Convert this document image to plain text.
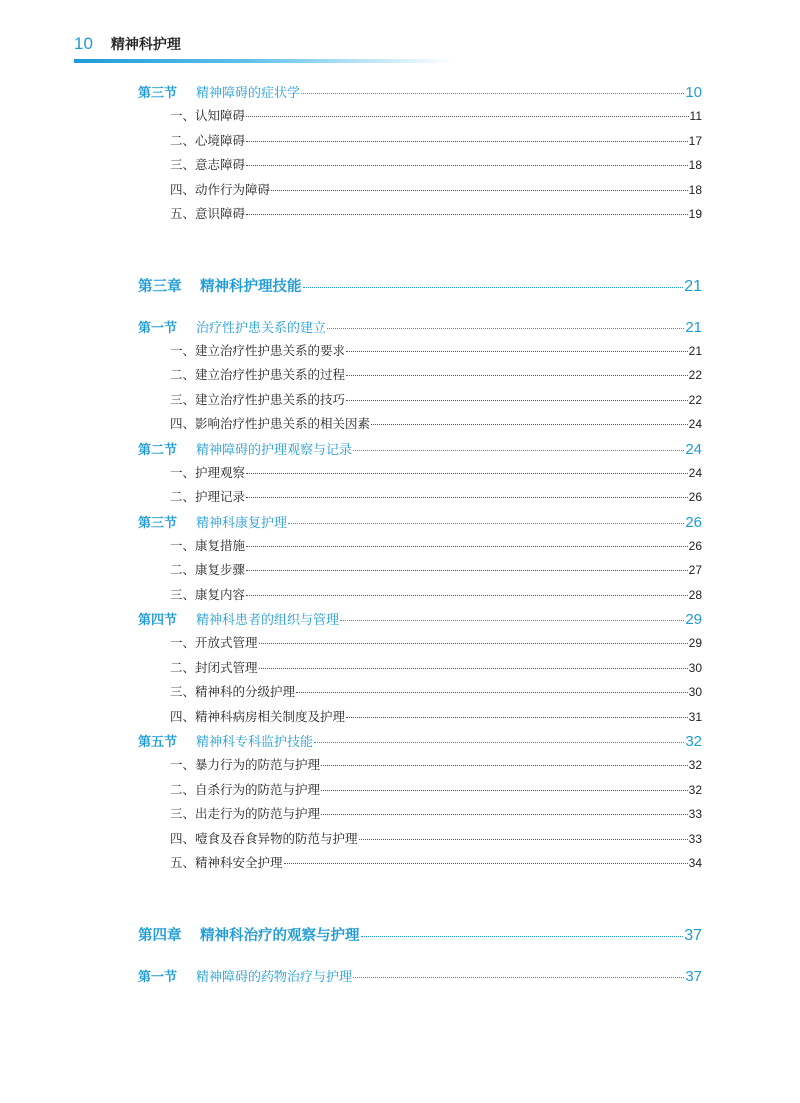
10 精神科护理
第三节 精神障碍的症状学	10
一、认知障碍	11
二、心境障碍	17
三、意志障碍	18
四、动作行为障碍	18
五、意识障碍	19
第三章 精神科护理技能	21
第一节 治疗性护患关系的建立	21
一、建立治疗性护患关系的要求	21
二、建立治疗性护患关系的过程	22
三、建立治疗性护患关系的技巧	22
四、影响治疗性护患关系的相关因素	24
第二节 精神障碍的护理观察与记录	24
一、护理观察	24
二、护理记录	26
第三节 精神科康复护理	26
一、康复措施	26
二、康复步骤	27
三、康复内容	28
第四节 精神科患者的组织与管理	29
一、开放式管理	29
二、封闭式管理	30
三、精神科的分级护理	30
四、精神科病房相关制度及护理	31
第五节 精神科专科监护技能	32
一、暴力行为的防范与护理	32
二、自杀行为的防范与护理	32
三、出走行为的防范与护理	33
四、噎食及吞食异物的防范与护理	33
五、精神科安全护理	34
第四章 精神科治疗的观察与护理	37
第一节 精神障碍的药物治疗与护理	37
